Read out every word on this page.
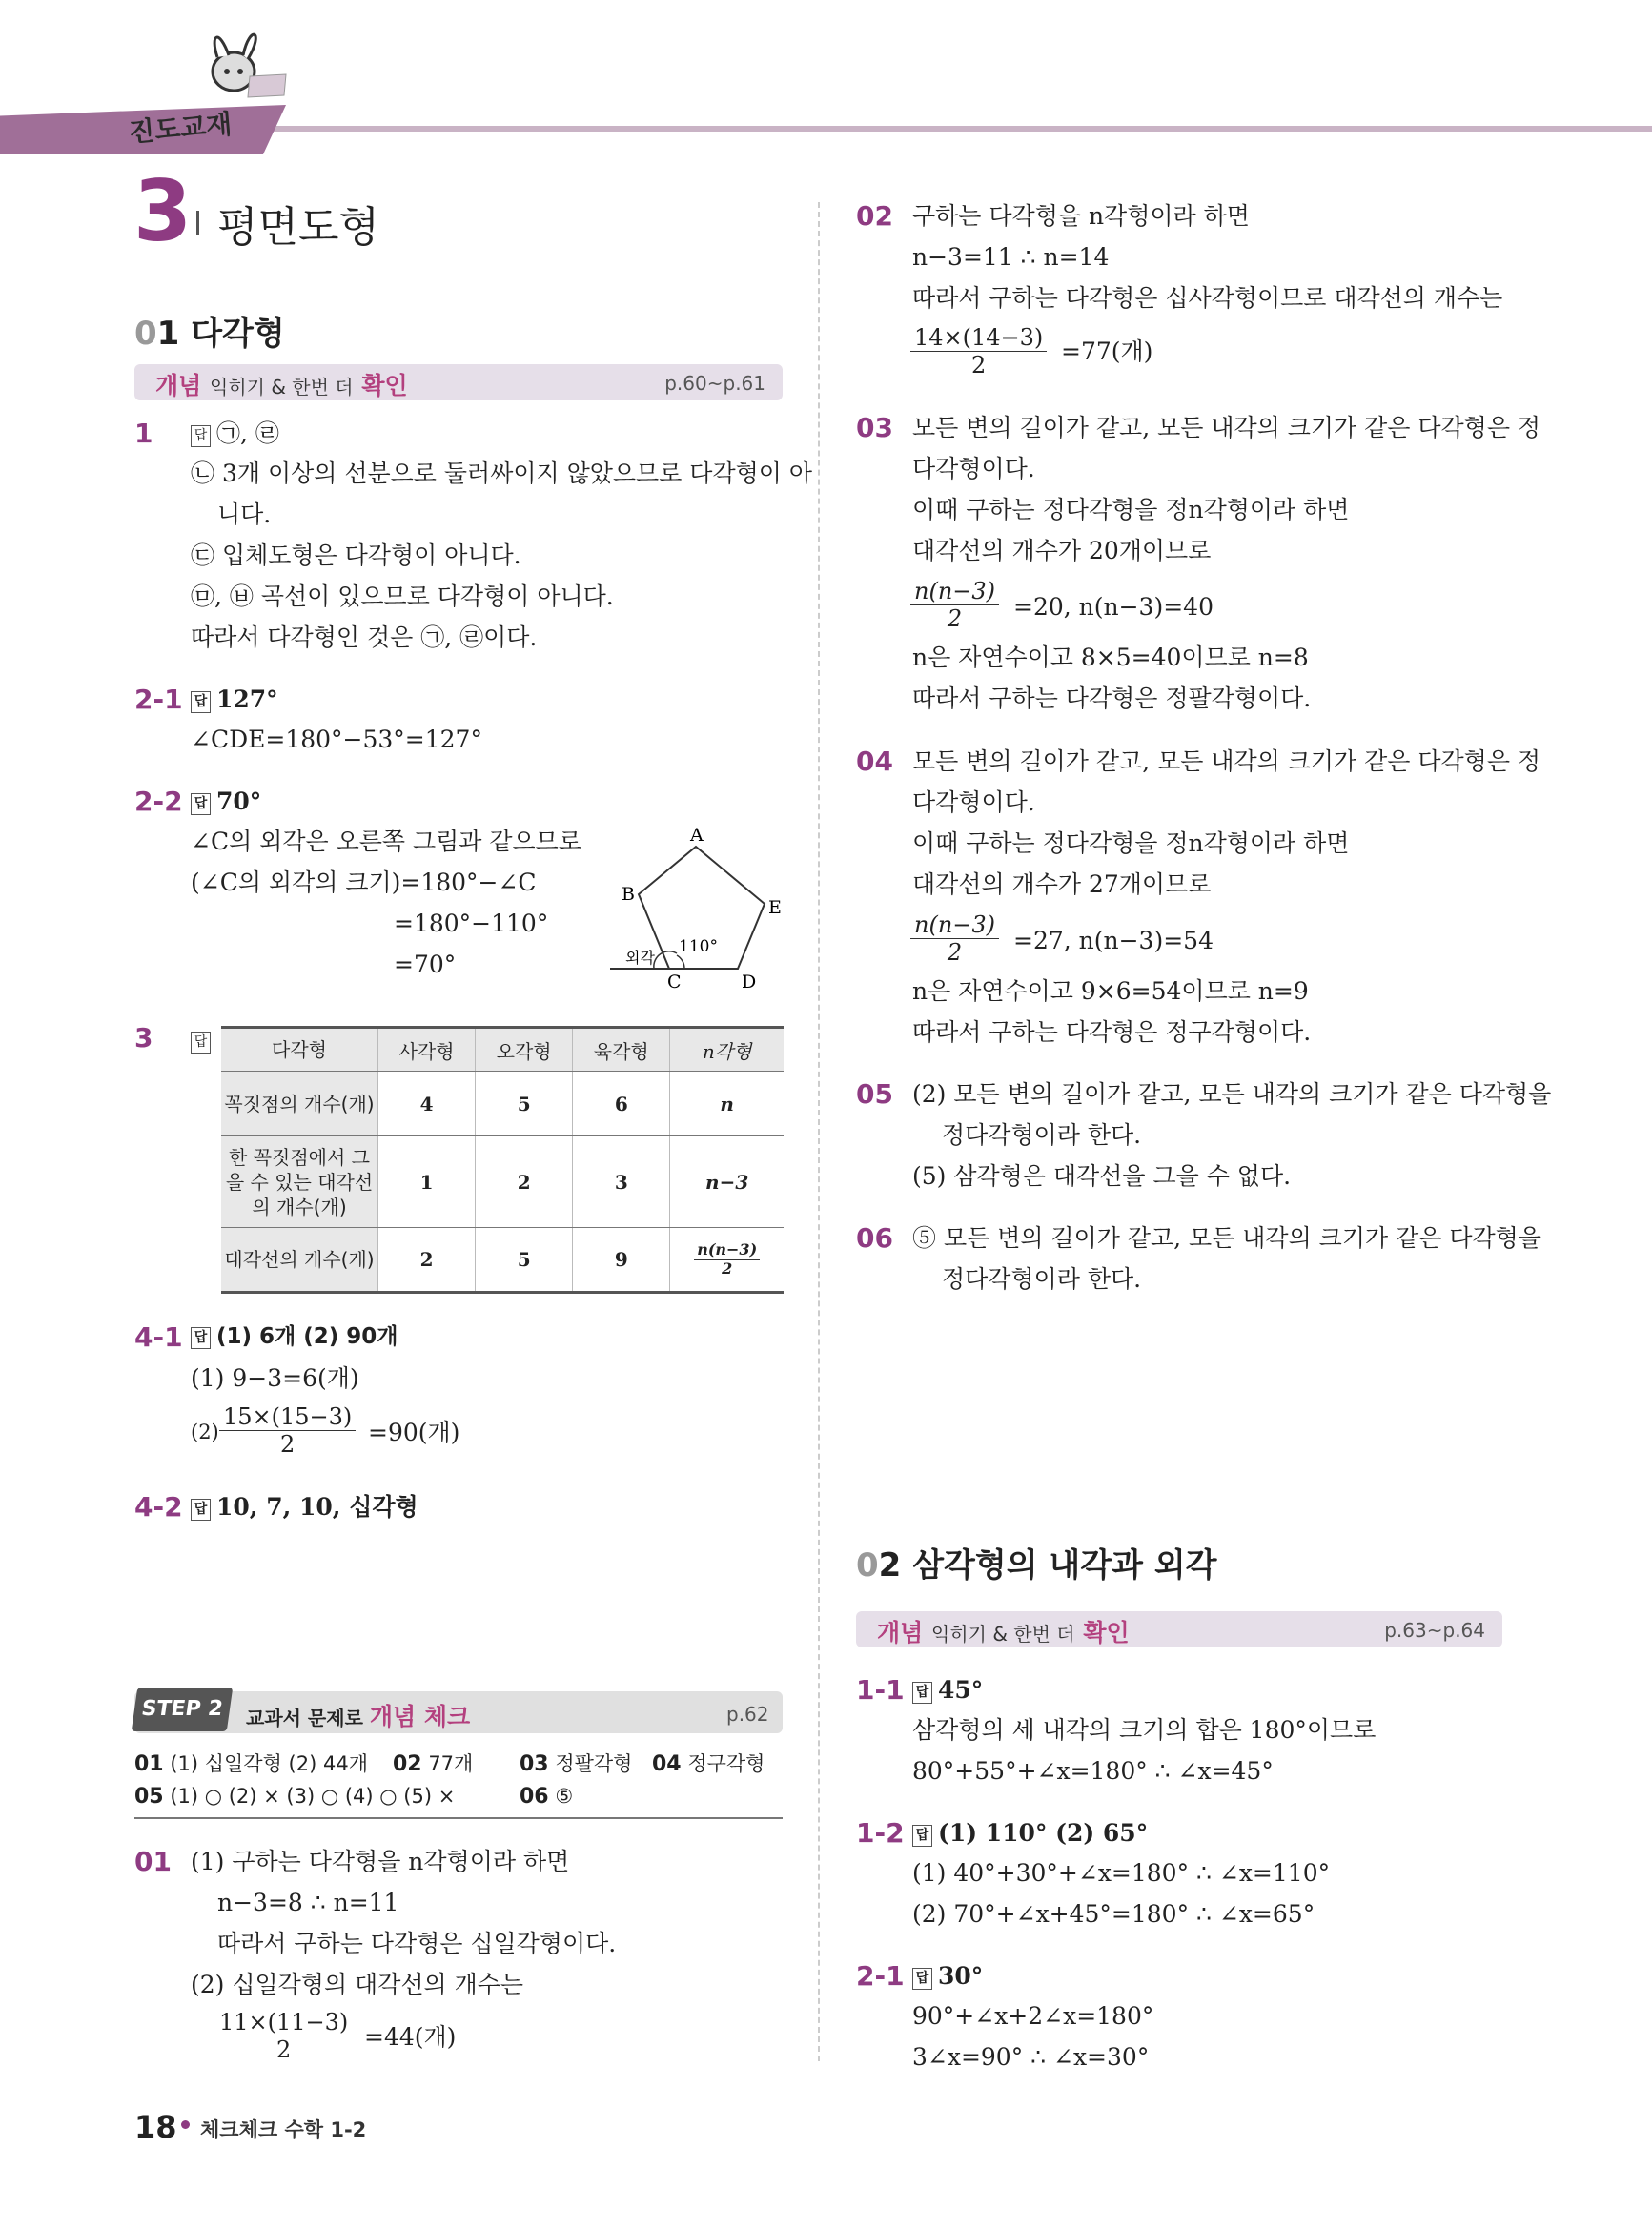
진도교재
3 평면도형
01 다각형
개념 익히기 & 한번 더 확인	p.60~p.61
1	답 ㉠, ㉣
㉡ 3개 이상의 선분으로 둘러싸이지 않았으므로 다각형이 아
니다.
㉢ 입체도형은 다각형이 아니다.
㉤, ㉥ 곡선이 있으므로 다각형이 아니다.
따라서 다각형인 것은 ㉠, ㉣이다.
2-1 답 127°
∠CDE=180°−53°=127°
2-2 답 70°
∠C의 외각은 오른쪽 그림과 같으므로
(∠C의 외각의 크기)=180°−∠C
=180°−110°
=70°
A
B
C	D
E
외각
110°
3	답	다각형	사각형	오각형	육각형	n각형
꼭짓점의 개수(개)	4	5	6	n
한 꼭짓점에서 그을 수 있는 대각선의 개수(개)	1	2	3	n−3
대각선의 개수(개)	2	5	9	n(n−3)
2
4-1 답 (1) 6개 (2) 90개
(1) 9−3=6(개)
$(2) \frac{15\times(15-3)}{2} =90$(개)
4-2 답 10, 7, 10, 십각형
STEP 2	교과서 문제로 개념 체크	p.62
01 (1) 십일각형 (2) 44개 02 77개 03 정팔각형 04 정구각형
05 (1) ○ (2) × (3) ○ (4) ○ (5) ×	06 ⑤
01 (1) 구하는 다각형을 n각형이라 하면
n−3=8 ∴ n=11
따라서 구하는 다각형은 십일각형이다.
(2) 십일각형의 대각선의 개수는
$\frac{11\times(11-3)}{2} =44$(개)
02 구하는 다각형을 n각형이라 하면
n−3=11 ∴ n=14
따라서 구하는 다각형은 십사각형이므로 대각선의 개수는
$\frac{14\times(14-3)}{2} =77$(개)
03 모든 변의 길이가 같고, 모든 내각의 크기가 같은 다각형은 정
다각형이다.
이때 구하는 정다각형을 정n각형이라 하면
대각선의 개수가 20개이므로
$\frac{n(n-3)}{2} =20$, n(n−3)=40
n은 자연수이고 8×5=40이므로 n=8
따라서 구하는 다각형은 정팔각형이다.
04 모든 변의 길이가 같고, 모든 내각의 크기가 같은 다각형은 정
다각형이다.
이때 구하는 정다각형을 정n각형이라 하면
대각선의 개수가 27개이므로
$\frac{n(n-3)}{2} =27$, n(n−3)=54
n은 자연수이고 9×6=54이므로 n=9
따라서 구하는 다각형은 정구각형이다.
05 (2) 모든 변의 길이가 같고, 모든 내각의 크기가 같은 다각형을
정다각형이라 한다.
(5) 삼각형은 대각선을 그을 수 없다.
06 ⑤ 모든 변의 길이가 같고, 모든 내각의 크기가 같은 다각형을
정다각형이라 한다.
02 삼각형의 내각과 외각
개념 익히기 & 한번 더 확인	p.63~p.64
1-1 답 45°
삼각형의 세 내각의 크기의 합은 180°이므로
80°+55°+∠x=180° ∴ ∠x=45°
1-2 답 (1) 110° (2) 65°
(1) 40°+30°+∠x=180° ∴ ∠x=110°
(2) 70°+∠x+45°=180° ∴ ∠x=65°
2-1 답 30°
90°+∠x+2∠x=180°
3∠x=90° ∴ ∠x=30°
18 체크체크 수학 1-2
